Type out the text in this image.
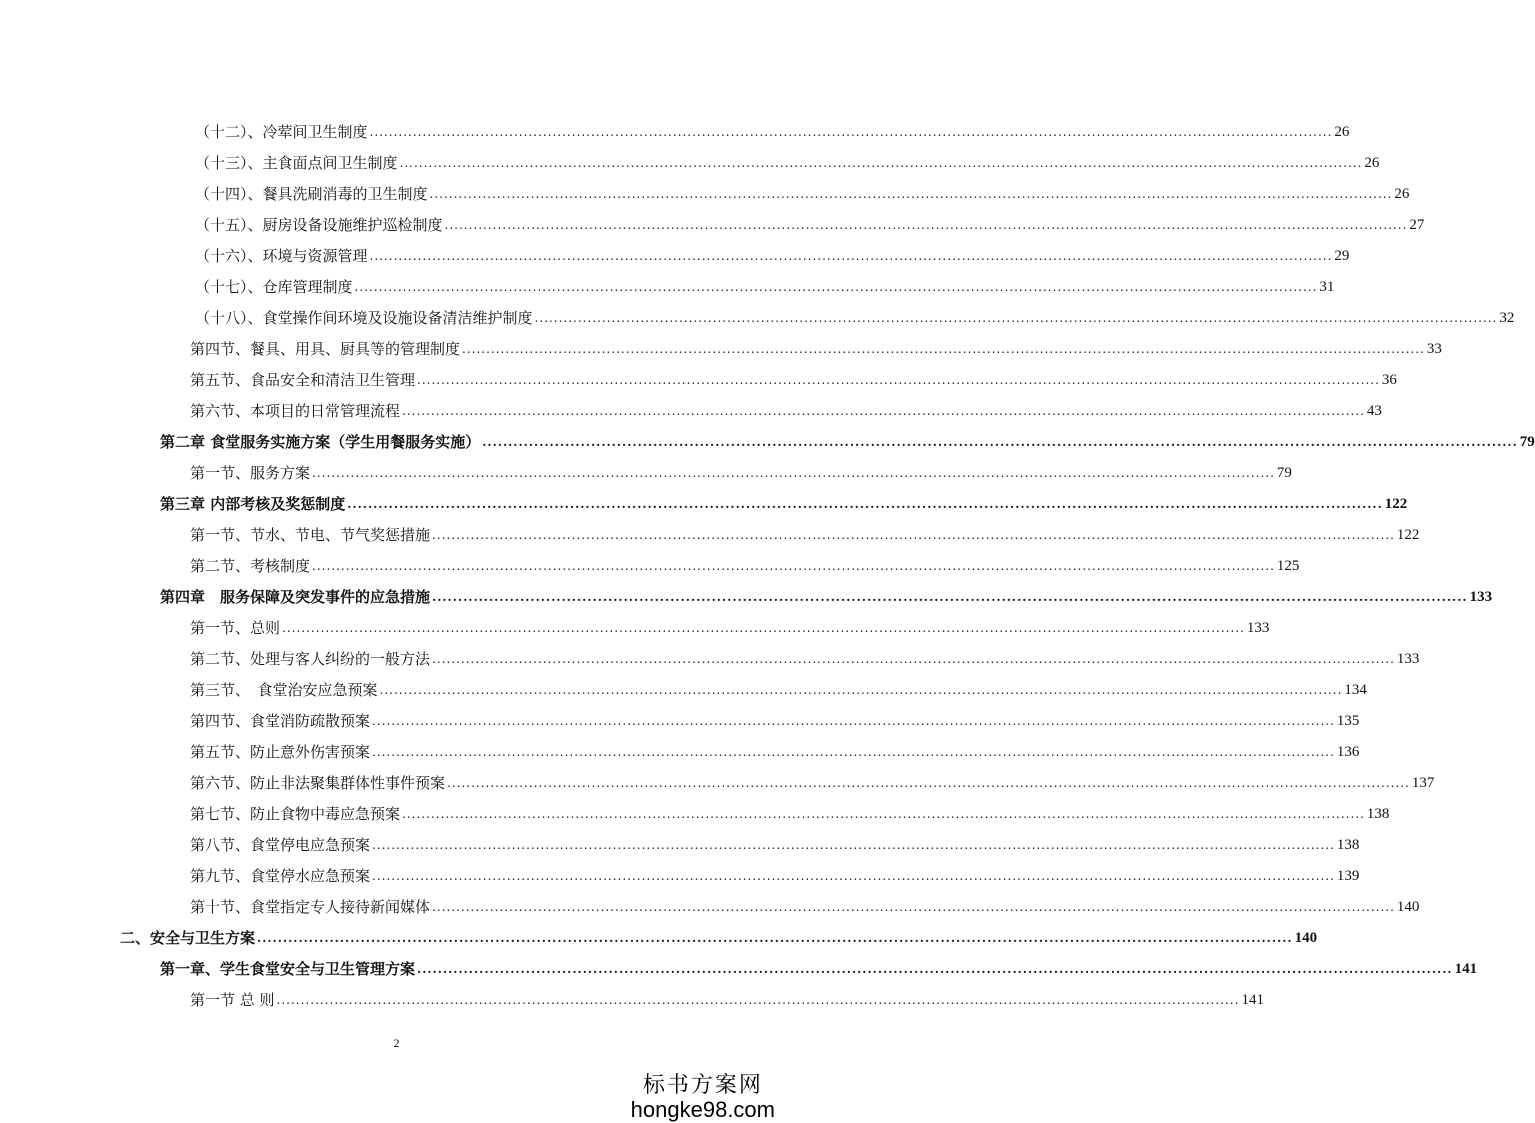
（十二）、冷荤间卫生制度 ........................................................................................................................................................................................................ 26
（十三）、主食面点间卫生制度 ........................................................................................................................................................................................................ 26
（十四）、餐具洗刷消毒的卫生制度 ........................................................................................................................................................................................................ 26
（十五）、厨房设备设施维护巡检制度 ........................................................................................................................................................................................................ 27
（十六）、环境与资源管理 ........................................................................................................................................................................................................ 29
（十七）、仓库管理制度 ........................................................................................................................................................................................................ 31
（十八）、食堂操作间环境及设施设备清洁维护制度 ........................................................................................................................................................................................................ 32
第四节、餐具、用具、厨具等的管理制度 ........................................................................................................................................................................................................ 33
第五节、食品安全和清洁卫生管理 ........................................................................................................................................................................................................ 36
第六节、本项目的日常管理流程 ........................................................................................................................................................................................................ 43
第二章 食堂服务实施方案（学生用餐服务实施） ........................................................................................................................................................................................................ 79
第一节、服务方案 ........................................................................................................................................................................................................ 79
第三章 内部考核及奖惩制度 ........................................................................................................................................................................................................ 122
第一节、节水、节电、节气奖惩措施 ........................................................................................................................................................................................................ 122
第二节、考核制度 ........................................................................................................................................................................................................ 125
第四章　服务保障及突发事件的应急措施 ........................................................................................................................................................................................................ 133
第一节、总则 ........................................................................................................................................................................................................ 133
第二节、处理与客人纠纷的一般方法 ........................................................................................................................................................................................................ 133
第三节、　食堂治安应急预案 ........................................................................................................................................................................................................ 134
第四节、食堂消防疏散预案 ........................................................................................................................................................................................................ 135
第五节、防止意外伤害预案 ........................................................................................................................................................................................................ 136
第六节、防止非法聚集群体性事件预案 ........................................................................................................................................................................................................ 137
第七节、防止食物中毒应急预案 ........................................................................................................................................................................................................ 138
第八节、食堂停电应急预案 ........................................................................................................................................................................................................ 138
第九节、食堂停水应急预案 ........................................................................................................................................................................................................ 139
第十节、食堂指定专人接待新闻媒体 ........................................................................................................................................................................................................ 140
二、安全与卫生方案 ........................................................................................................................................................................................................ 140
第一章、学生食堂安全与卫生管理方案 ........................................................................................................................................................................................................ 141
第一节 总 则 ........................................................................................................................................................................................................ 141
2
标书方案网
hongke98.com
